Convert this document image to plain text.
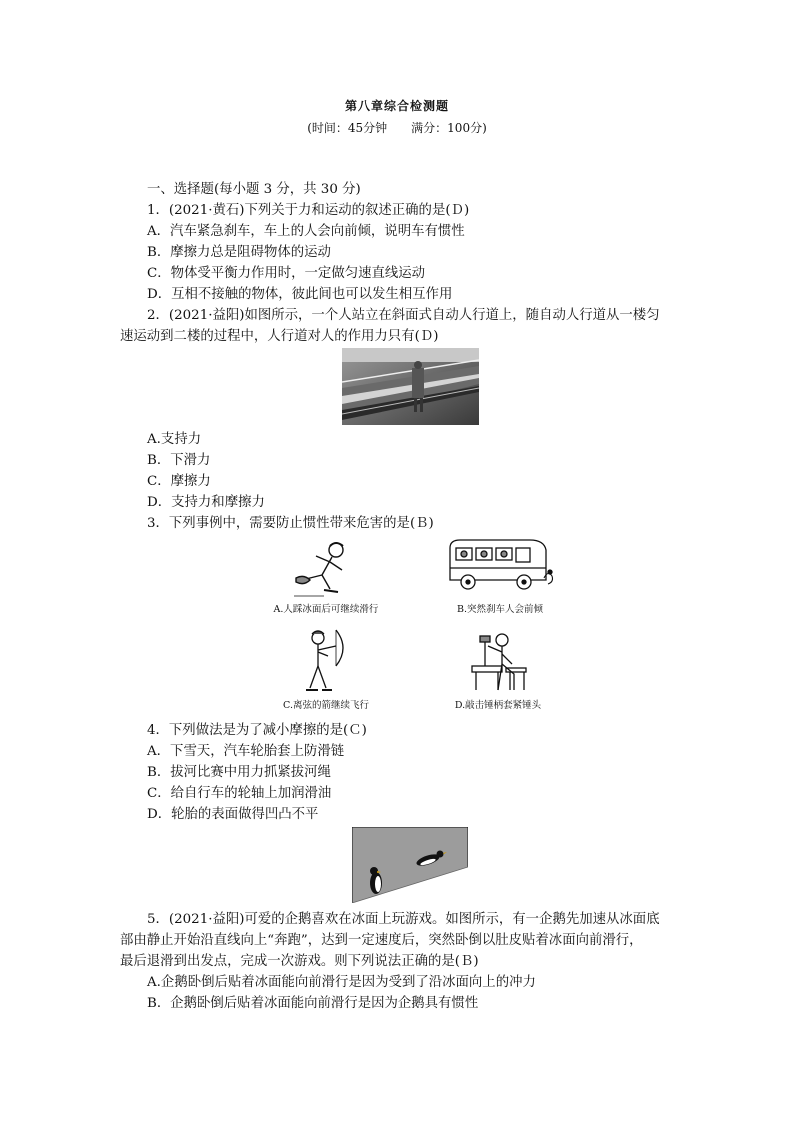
第八章综合检测题
(时间：45分钟　　满分：100分)
一、选择题(每小题 3 分，共 30 分)
1．(2021·黄石)下列关于力和运动的叙述正确的是(Ｄ)
A．汽车紧急刹车，车上的人会向前倾，说明车有惯性
B．摩擦力总是阻碍物体的运动
C．物体受平衡力作用时，一定做匀速直线运动
D．互相不接触的物体，彼此间也可以发生相互作用
2．(2021·益阳)如图所示，一个人站立在斜面式自动人行道上，随自动人行道从一楼匀
速运动到二楼的过程中，人行道对人的作用力只有(Ｄ)
A.支持力
B．下滑力
C．摩擦力
D．支持力和摩擦力
3．下列事例中，需要防止惯性带来危害的是(Ｂ)
A.人踩冰面后可继续滑行	B.突然刹车人会前倾
C.离弦的箭继续飞行	D.敲击锤柄套紧锤头
4．下列做法是为了减小摩擦的是(Ｃ)
A．下雪天，汽车轮胎套上防滑链
B．拔河比赛中用力抓紧拔河绳
C．给自行车的轮轴上加润滑油
D．轮胎的表面做得凹凸不平
5．(2021·益阳)可爱的企鹅喜欢在冰面上玩游戏。如图所示，有一企鹅先加速从冰面底
部由静止开始沿直线向上“奔跑”，达到一定速度后，突然卧倒以肚皮贴着冰面向前滑行，
最后退滑到出发点，完成一次游戏。则下列说法正确的是(Ｂ)
A.企鹅卧倒后贴着冰面能向前滑行是因为受到了沿冰面向上的冲力
B．企鹅卧倒后贴着冰面能向前滑行是因为企鹅具有惯性
